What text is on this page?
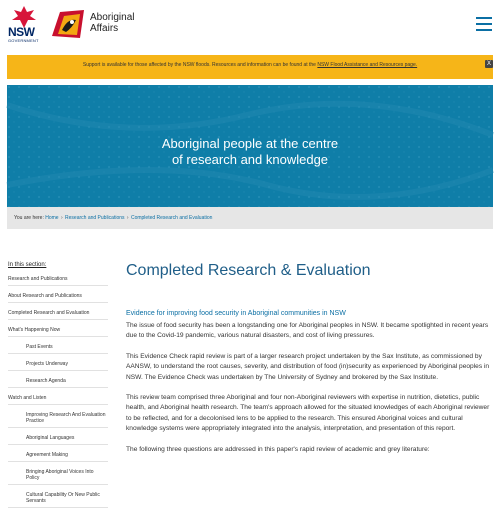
NSW
GOVERNMENT
Aboriginal
Affairs
Support is available for those affected by the NSW floods. Resources and information can be found at the NSW Flood Assistance and Resources page.	X
Aboriginal people at the centre
of research and knowledge
You are here: Home › Research and Publications › Completed Research and Evaluation
In this section:
Research and Publications
About Research and Publications
Completed Research and Evaluation
What's Happening Now
Past Events
Projects Underway
Research Agenda
Watch and Listen
Improving Research And Evaluation Practice
Aboriginal Languages
Agreement Making
Bringing Aboriginal Voices Into Policy
Cultural Capability Or New Public Servants
Completed Research & Evaluation
Evidence for improving food security in Aboriginal communities in NSW

The issue of food security has been a longstanding one for Aboriginal peoples in NSW. It became spotlighted in recent years due to the Covid-19 pandemic, various natural disasters, and cost of living pressures.

This Evidence Check rapid review is part of a larger research project undertaken by the Sax Institute, as commissioned by AANSW, to understand the root causes, severity, and distribution of food (in)security as experienced by Aboriginal peoples in NSW. The Evidence Check was undertaken by The University of Sydney and brokered by the Sax Institute.

This review team comprised three Aboriginal and four non-Aboriginal reviewers with expertise in nutrition, dietetics, public health, and Aboriginal health research. The team's approach allowed for the situated knowledges of each Aboriginal reviewer to be reflected, and for a decolonised lens to be applied to the research. This ensured Aboriginal voices and cultural knowledge systems were appropriately integrated into the analysis, interpretation, and presentation of this report.

The following three questions are addressed in this paper's rapid review of academic and grey literature:
